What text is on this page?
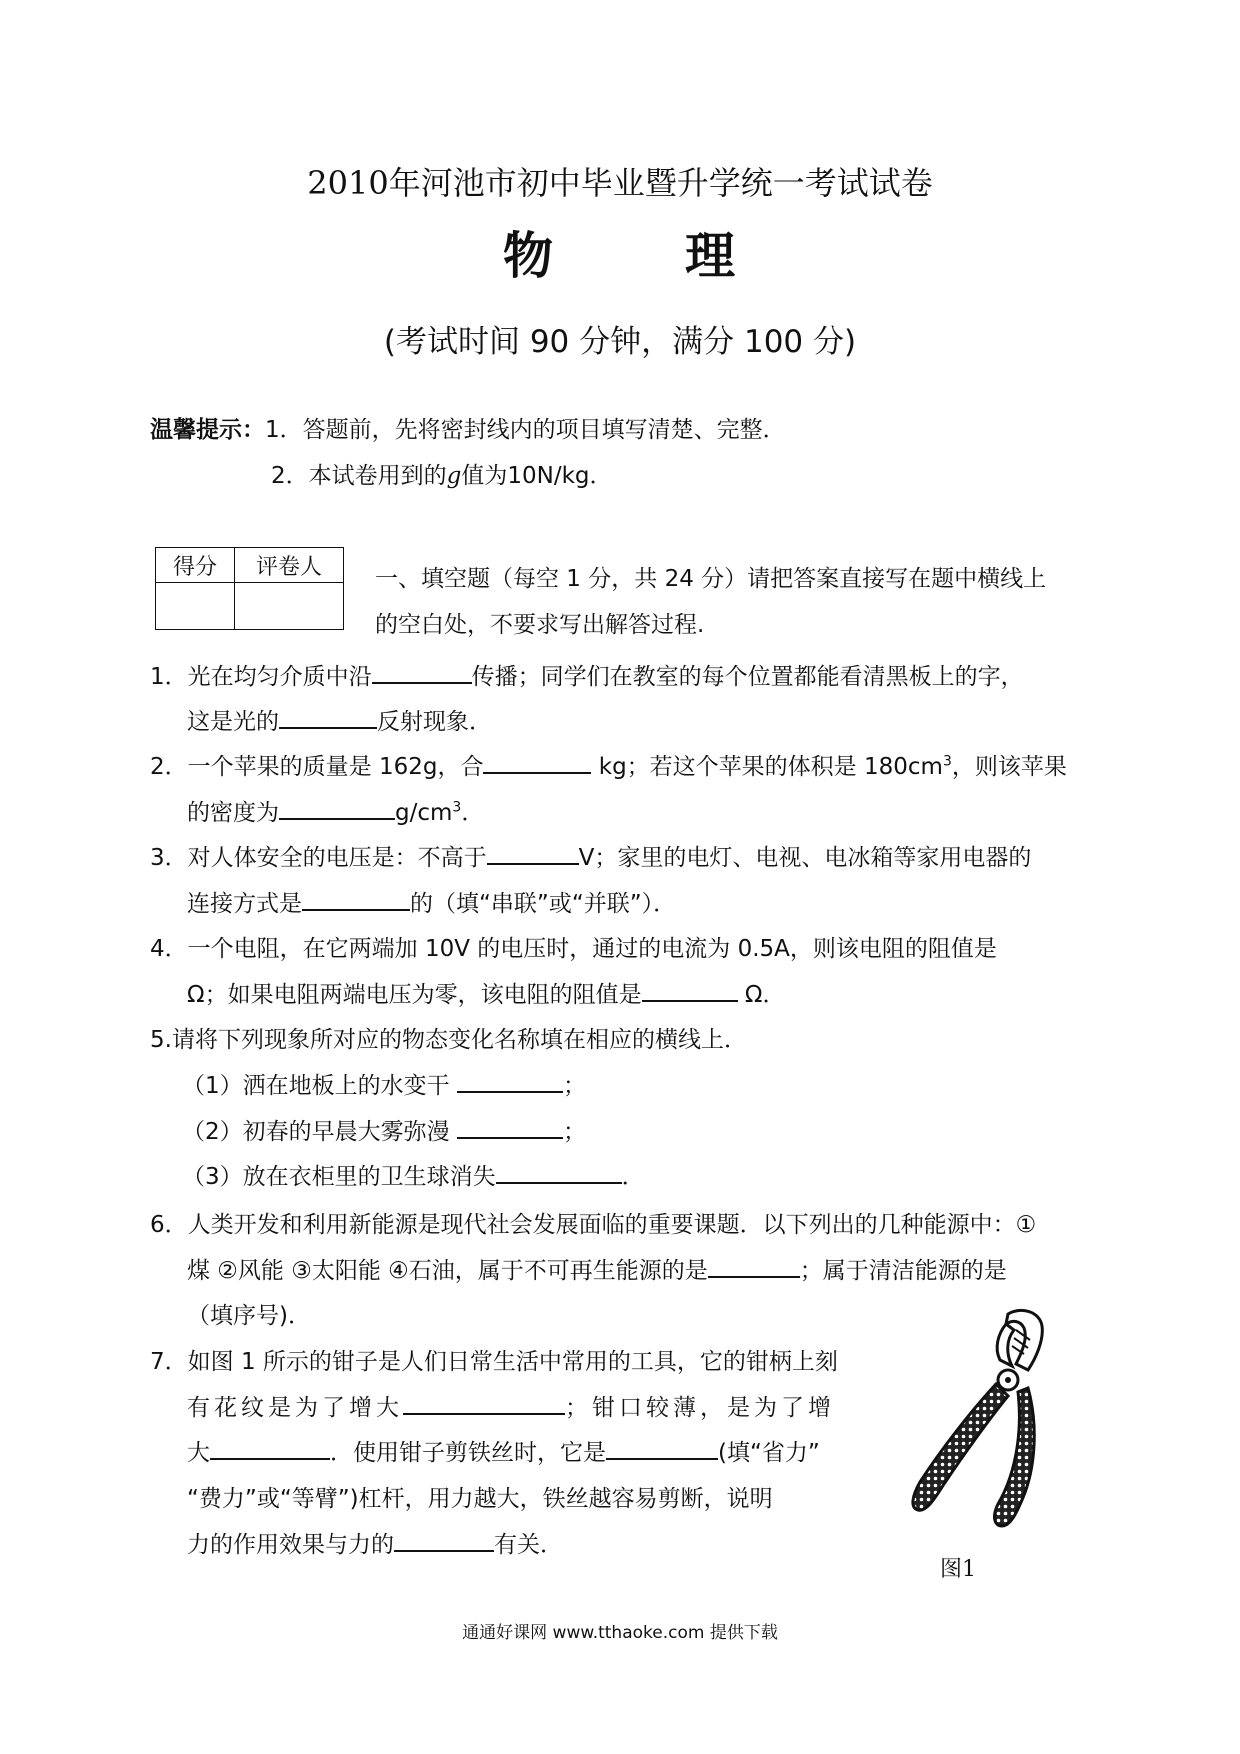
2010年河池市初中毕业暨升学统一考试试卷
物	理
(考试时间 90 分钟，满分 100 分)
温馨提示：1．答题前，先将密封线内的项目填写清楚、完整．
2．本试卷用到的g值为10N/kg．
得分	评卷人
	一、填空题（每空 1 分，共 24 分）请把答案直接写在题中横线上
的空白处，不要求写出解答过程.
1．光在均匀介质中沿	传播；同学们在教室的每个位置都能看清黑板上的字，
这是光的	反射现象．
2．一个苹果的质量是 162g，合	kg；若这个苹果的体积是 $180cm^3$，则该苹果
的密度为	$g/cm^3$．
3．对人体安全的电压是：不高于	V；家里的电灯、电视、电冰箱等家用电器的
连接方式是	的（填“串联”或“并联”）．
4．一个电阻，在它两端加 10V 的电压时，通过的电流为 0.5A，则该电阻的阻值是
Ω；如果电阻两端电压为零，该电阻的阻值是	Ω．
5.请将下列现象所对应的物态变化名称填在相应的横线上．
（1）洒在地板上的水变干	；
（2）初春的早晨大雾弥漫	；
（3）放在衣柜里的卫生球消失	．
6．人类开发和利用新能源是现代社会发展面临的重要课题．以下列出的几种能源中：①
煤 ②风能 ③太阳能 ④石油，属于不可再生能源的是	；属于清洁能源的是
（填序号)．
7．如图 1 所示的钳子是人们日常生活中常用的工具，它的钳柄上刻
有花纹是为了增大	；钳口较薄，是为了增
大	．使用钳子剪铁丝时，它是	(填“省力”
“费力”或“等臂”)杠杆，用力越大，铁丝越容易剪断，说明
力的作用效果与力的	有关．
图1
通通好课网 www.tthaoke.com 提供下载
